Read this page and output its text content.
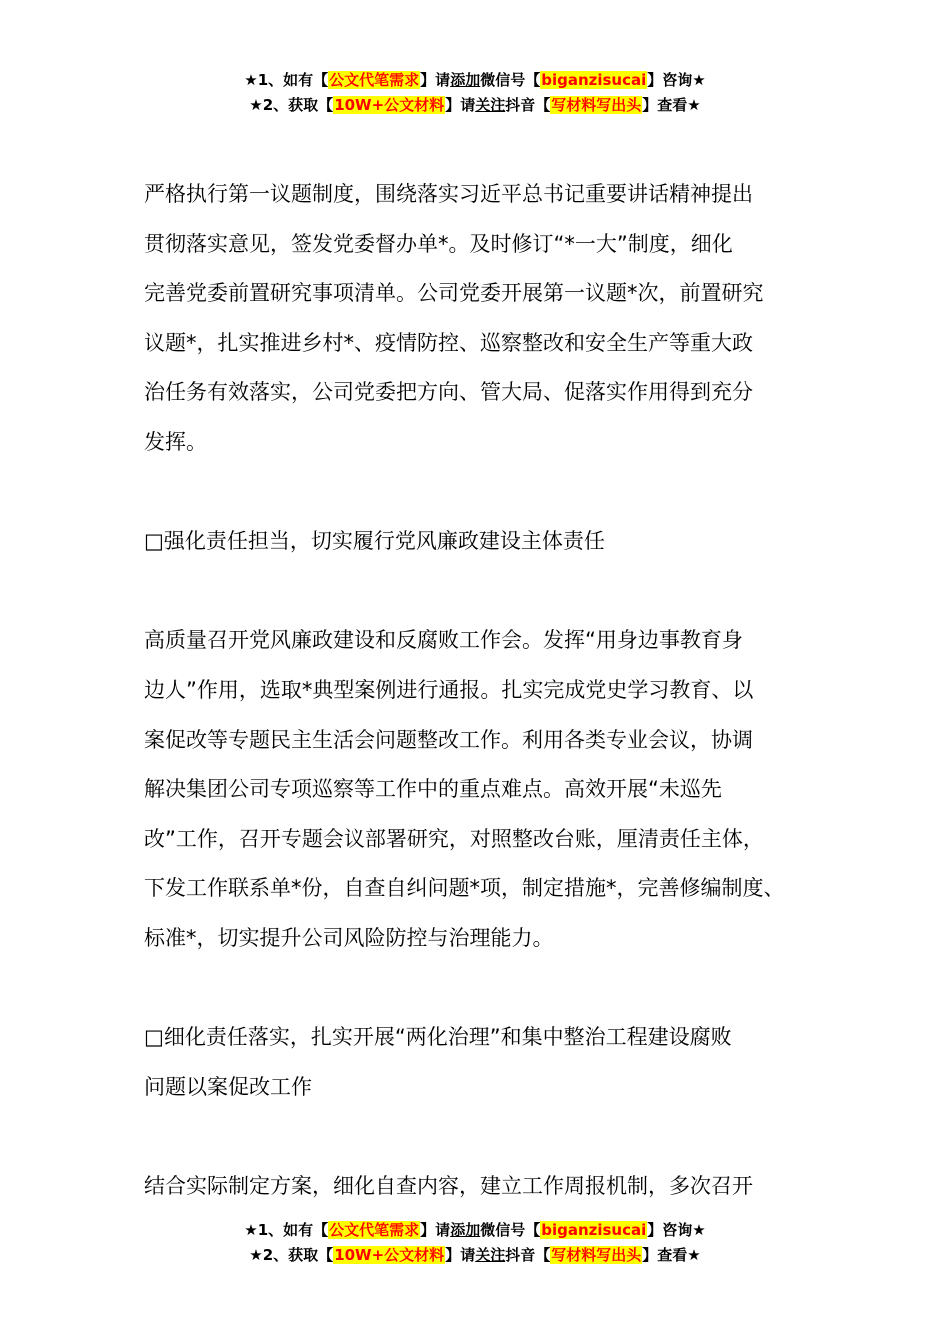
★1、如有【公文代笔需求】请添加微信号【biganzisucai】咨询★
★2、获取【10W+公文材料】请关注抖音【写材料写出头】查看★

严格执行第一议题制度，围绕落实习近平总书记重要讲话精神提出

贯彻落实意见，签发党委督办单*。及时修订“*一大”制度，细化

完善党委前置研究事项清单。公司党委开展第一议题*次，前置研究

议题*，扎实推进乡村*、疫情防控、巡察整改和安全生产等重大政

治任务有效落实，公司党委把方向、管大局、促落实作用得到充分

发挥。

□强化责任担当，切实履行党风廉政建设主体责任

高质量召开党风廉政建设和反腐败工作会。发挥“用身边事教育身

边人”作用，选取*典型案例进行通报。扎实完成党史学习教育、以

案促改等专题民主生活会问题整改工作。利用各类专业会议，协调

解决集团公司专项巡察等工作中的重点难点。高效开展“未巡先

改”工作，召开专题会议部署研究，对照整改台账，厘清责任主体，

下发工作联系单*份，自查自纠问题*项，制定措施*，完善修编制度、

标准*，切实提升公司风险防控与治理能力。

□细化责任落实，扎实开展“两化治理”和集中整治工程建设腐败

问题以案促改工作

结合实际制定方案，细化自查内容，建立工作周报机制，多次召开

★1、如有【公文代笔需求】请添加微信号【biganzisucai】咨询★
★2、获取【10W+公文材料】请关注抖音【写材料写出头】查看★
